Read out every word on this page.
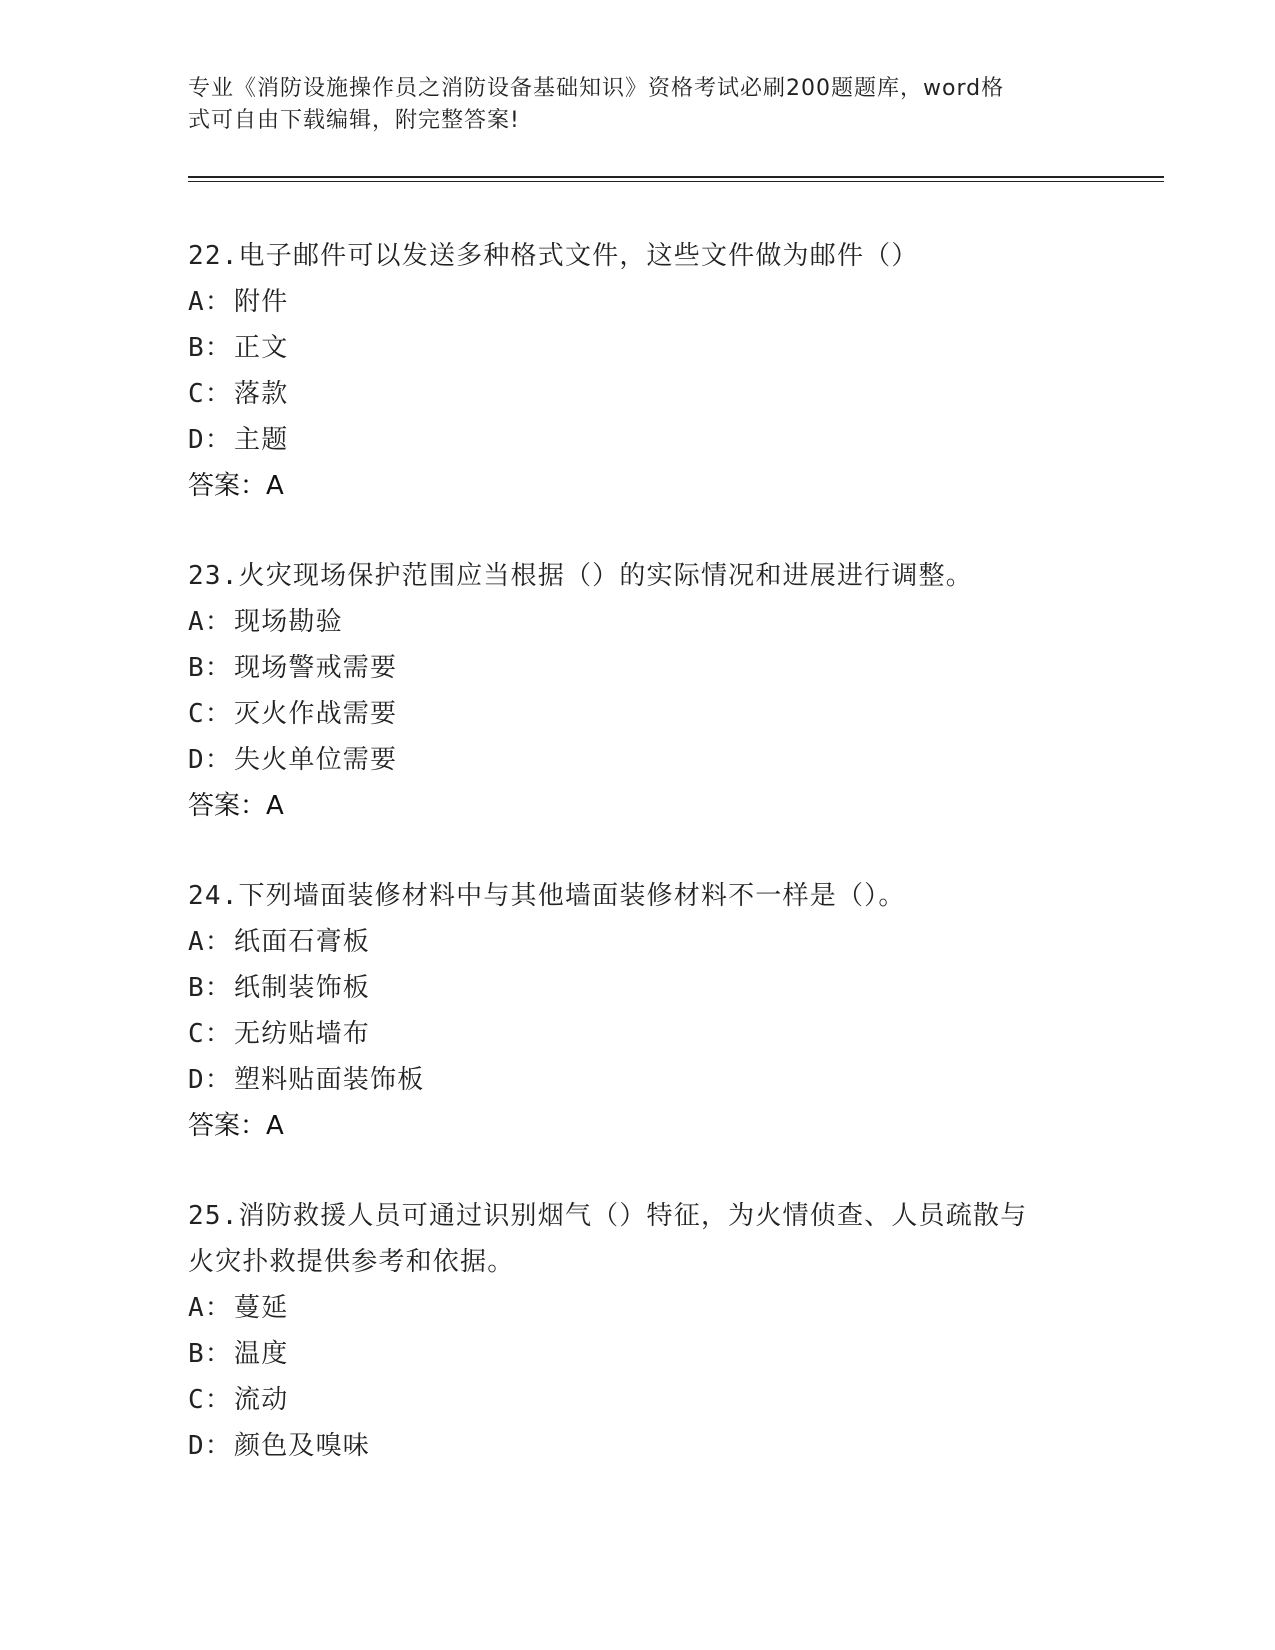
专业《消防设施操作员之消防设备基础知识》资格考试必刷200题题库，word格
式可自由下载编辑，附完整答案!

22.电子邮件可以发送多种格式文件，这些文件做为邮件（）

A：附件

B：正文

C：落款

D：主题

答案：A

23.火灾现场保护范围应当根据（）的实际情况和进展进行调整。

A：现场勘验

B：现场警戒需要

C：灭火作战需要

D：失火单位需要

答案：A

24.下列墙面装修材料中与其他墙面装修材料不一样是（）。

A：纸面石膏板

B：纸制装饰板

C：无纺贴墙布

D：塑料贴面装饰板

答案：A

25.消防救援人员可通过识别烟气（）特征，为火情侦查、人员疏散与

火灾扑救提供参考和依据。

A：蔓延

B：温度

C：流动

D：颜色及嗅味
